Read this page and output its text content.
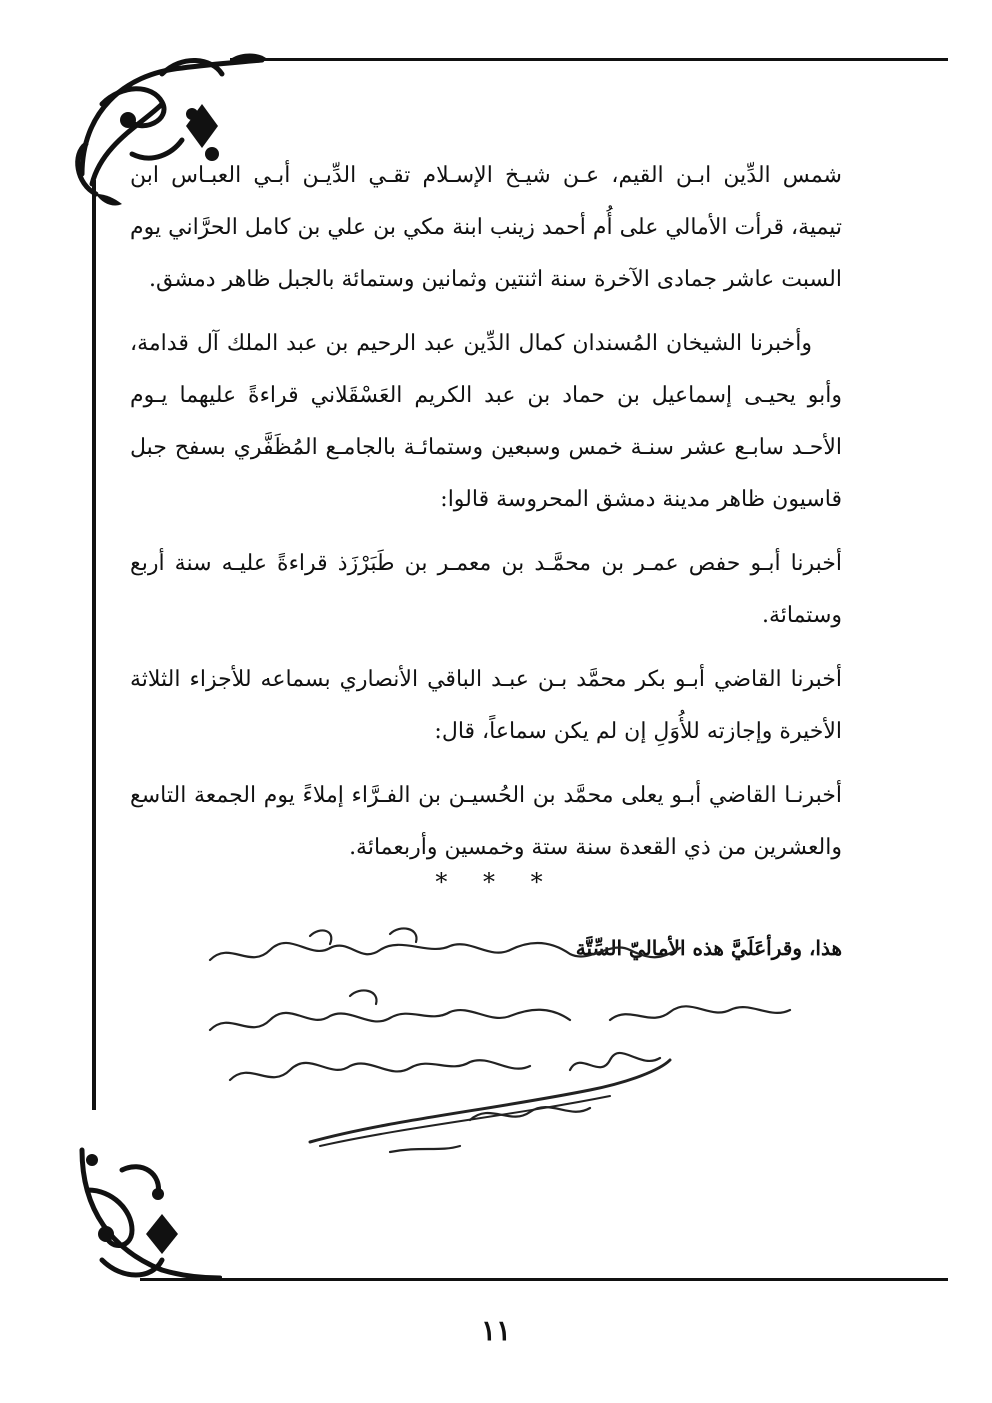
شمس الدِّين ابـن القيم، عـن شيـخ الإسـلام تقـي الدِّيـن أبـي العبـاس ابن تيمية، قرأت الأمالي على أُم أحمد زينب ابنة مكي بن علي بن كامل الحرَّاني يوم السبت عاشر جمادى الآخرة سنة اثنتين وثمانين وستمائة بالجبل ظاهر دمشق.

وأخبرنا الشيخان المُسندان كمال الدِّين عبد الرحيم بن عبد الملك آل قدامة، وأبو يحيـى إسماعيل بن حماد بن عبد الكريم العَسْقَلاني قراءةً عليهما يـوم الأحـد سابـع عشر سنـة خمس وسبعين وستمائـة بالجامـع المُظَفَّري بسفح جبل قاسيون ظاهر مدينة دمشق المحروسة قالوا:

أخبرنا أبـو حفص عمـر بن محمَّـد بن معمـر بن طَبَرْزَذ قراءةً عليـه سنة أربع وستمائة.

أخبرنا القاضي أبـو بكر محمَّد بـن عبـد الباقي الأنصاري بسماعه للأجزاء الثلاثة الأخيرة وإجازته للأُوَلِ إن لم يكن سماعاً، قال:

أخبرنـا القاضي أبـو يعلى محمَّد بن الحُسيـن بن الفـرَّاء إملاءً يوم الجمعة التاسع والعشرين من ذي القعدة سنة ستة وخمسين وأربعمائة.

* * *
هذا، وقرأعَلَيَّ هذه الأماليّ السِّتَّة
١١
